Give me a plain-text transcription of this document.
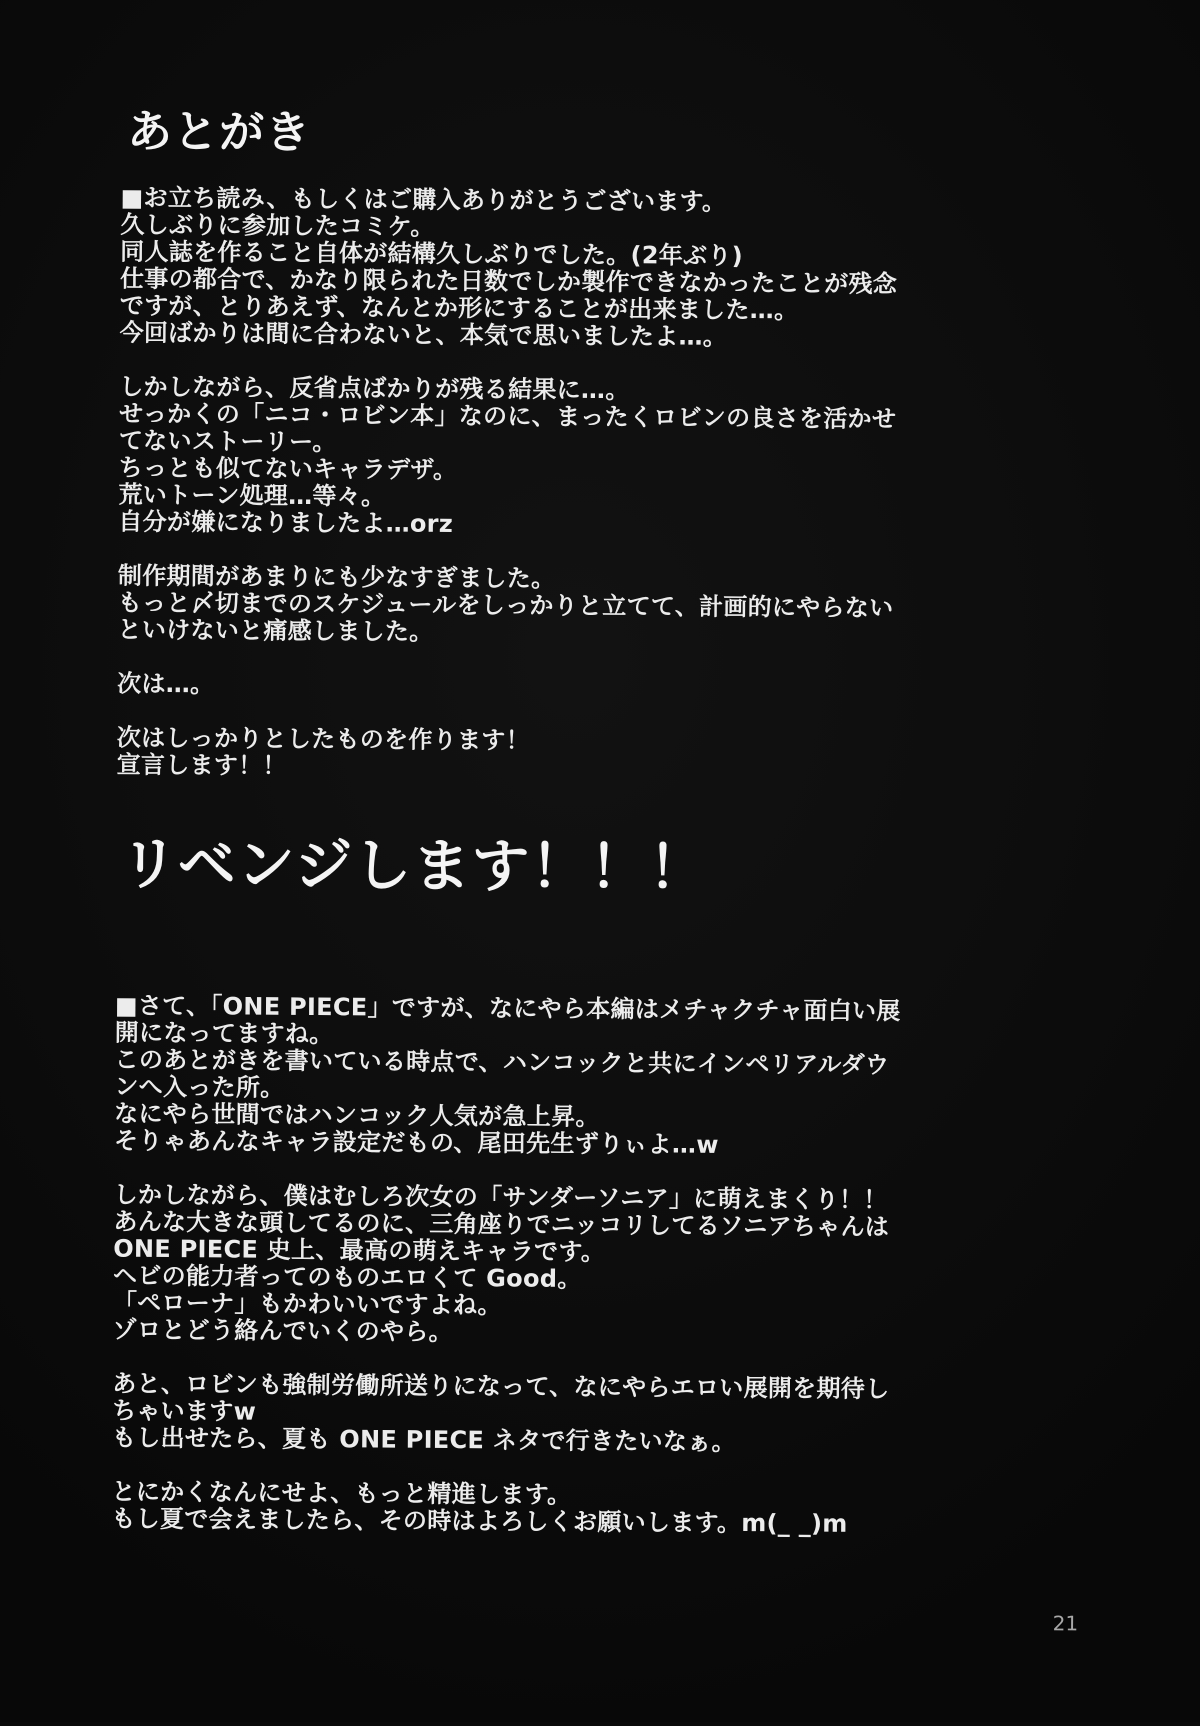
あとがき
■お立ち読み、もしくはご購入ありがとうございます。
久しぶりに参加したコミケ。
同人誌を作ること自体が結構久しぶりでした。(2年ぶり)
仕事の都合で、かなり限られた日数でしか製作できなかったことが残念
ですが、とりあえず、なんとか形にすることが出来ました…。
今回ばかりは間に合わないと、本気で思いましたよ…。

しかしながら、反省点ばかりが残る結果に…。
せっかくの「ニコ・ロビン本」なのに、まったくロビンの良さを活かせ
てないストーリー。
ちっとも似てないキャラデザ。
荒いトーン処理…等々。
自分が嫌になりましたよ…orz

制作期間があまりにも少なすぎました。
もっと〆切までのスケジュールをしっかりと立てて、計画的にやらない
といけないと痛感しました。

次は…。

次はしっかりとしたものを作ります！
宣言します！！
リベンジします！！！
■さて、「ONE PIECE」ですが、なにやら本編はメチャクチャ面白い展
開になってますね。
このあとがきを書いている時点で、ハンコックと共にインペリアルダウ
ンへ入った所。
なにやら世間ではハンコック人気が急上昇。
そりゃあんなキャラ設定だもの、尾田先生ずりぃよ…w

しかしながら、僕はむしろ次女の「サンダーソニア」に萌えまくり！！
あんな大きな頭してるのに、三角座りでニッコリしてるソニアちゃんは
ONE PIECE 史上、最高の萌えキャラです。
ヘビの能力者ってのものエロくて Good。
「ペローナ」もかわいいですよね。
ゾロとどう絡んでいくのやら。

あと、ロビンも強制労働所送りになって、なにやらエロい展開を期待し
ちゃいますw
もし出せたら、夏も ONE PIECE ネタで行きたいなぁ。

とにかくなんにせよ、もっと精進します。
もし夏で会えましたら、その時はよろしくお願いします。m(_ _)m
21
